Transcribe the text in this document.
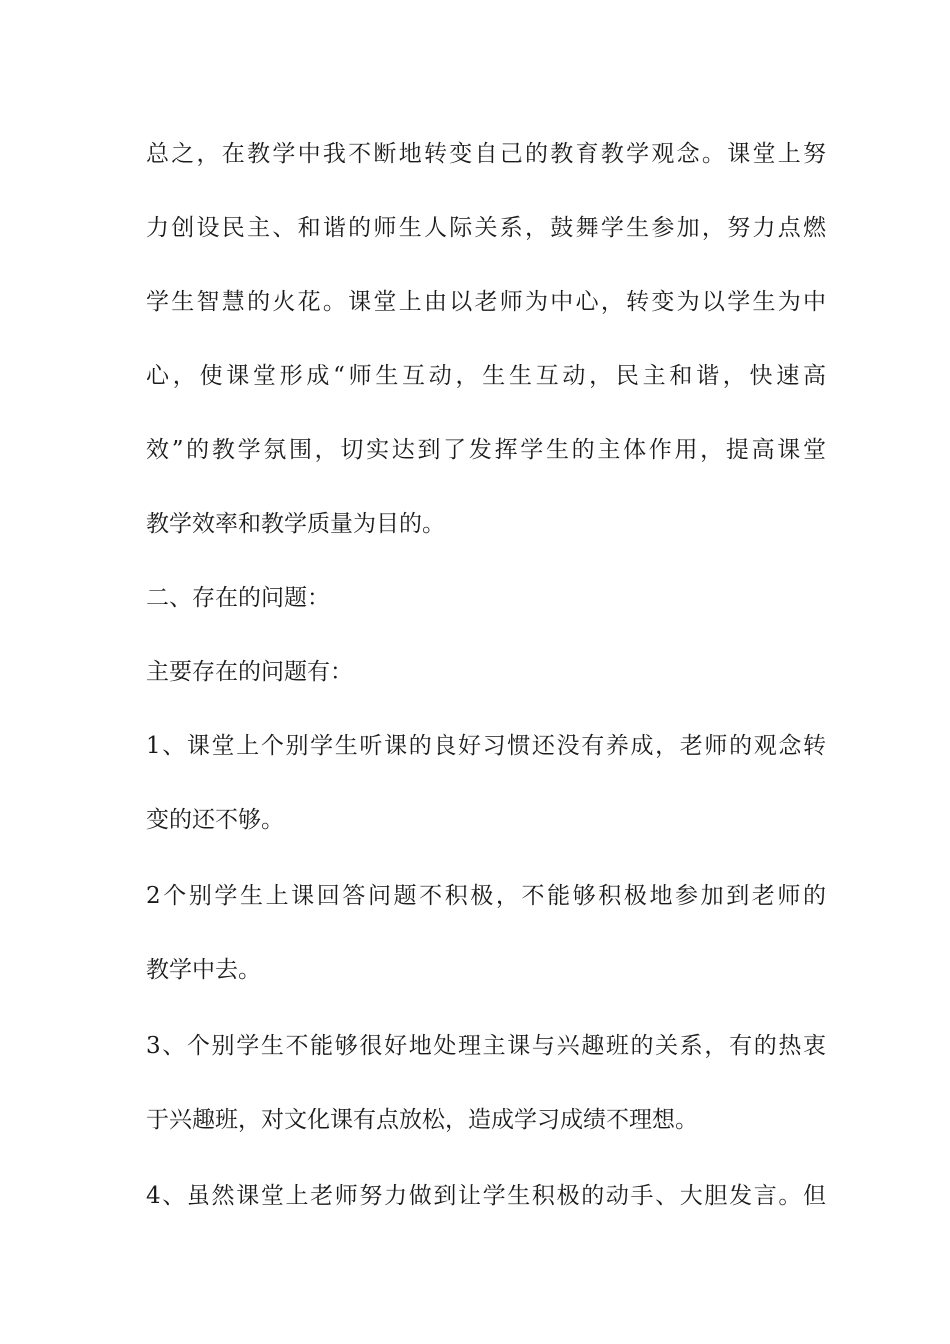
总之，在教学中我不断地转变自己的教育教学观念。课堂上努
力创设民主、和谐的师生人际关系，鼓舞学生参加，努力点燃
学生智慧的火花。课堂上由以老师为中心，转变为以学生为中
心，使课堂形成“师生互动，生生互动，民主和谐，快速高
效”的教学氛围，切实达到了发挥学生的主体作用，提高课堂
教学效率和教学质量为目的。
二、存在的问题：
主要存在的问题有：
1、课堂上个别学生听课的良好习惯还没有养成，老师的观念转
变的还不够。
2个别学生上课回答问题不积极，不能够积极地参加到老师的
教学中去。
3、个别学生不能够很好地处理主课与兴趣班的关系，有的热衷
于兴趣班，对文化课有点放松，造成学习成绩不理想。
4、虽然课堂上老师努力做到让学生积极的动手、大胆发言。但
